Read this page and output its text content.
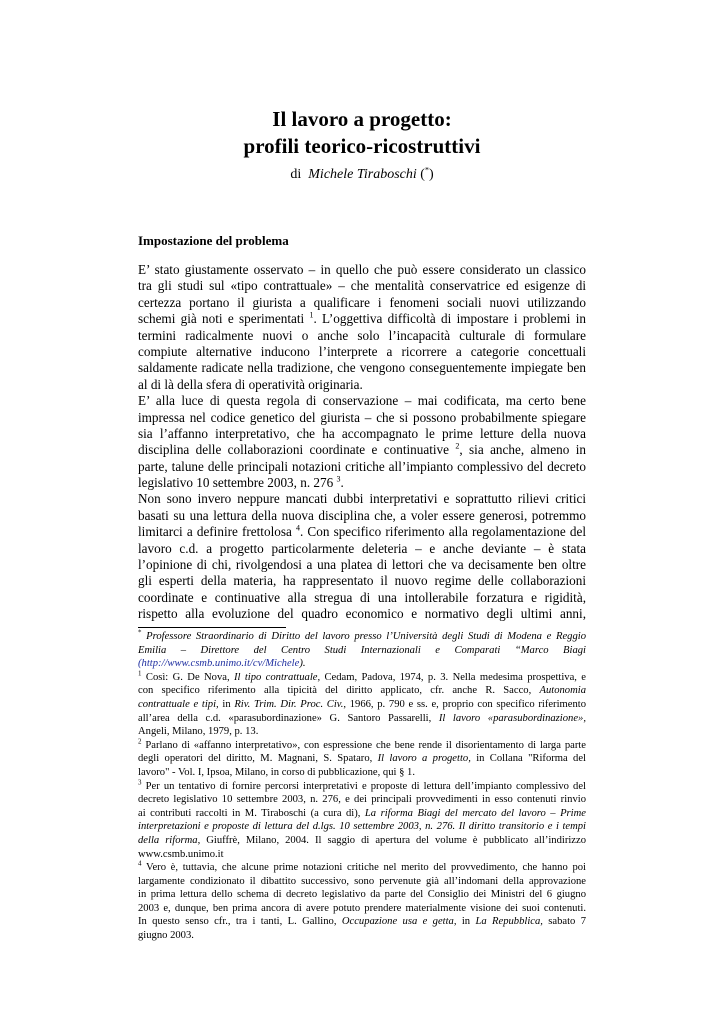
Il lavoro a progetto:
profili teorico-ricostruttivi
di Michele Tiraboschi (*)
Impostazione del problema
E’ stato giustamente osservato – in quello che può essere considerato un classico
tra gli studi sul «tipo contrattuale» – che mentalità conservatrice ed esigenze di
certezza portano il giurista a qualificare i fenomeni sociali nuovi utilizzando
schemi già noti e sperimentati $^1$. L’oggettiva difficoltà di impostare i problemi in
termini radicalmente nuovi o anche solo l’incapacità culturale di formulare
compiute alternative inducono l’interprete a ricorrere a categorie concettuali
saldamente radicate nella tradizione, che vengono conseguentemente impiegate ben
al di là della sfera di operatività originaria.
E’ alla luce di questa regola di conservazione – mai codificata, ma certo bene
impressa nel codice genetico del giurista – che si possono probabilmente spiegare
sia l’affanno interpretativo, che ha accompagnato le prime letture della nuova
disciplina delle collaborazioni coordinate e continuative $^2$, sia anche, almeno in
parte, talune delle principali notazioni critiche all’impianto complessivo del decreto
legislativo 10 settembre 2003, n. 276 $^3$.
Non sono invero neppure mancati dubbi interpretativi e soprattutto rilievi critici
basati su una lettura della nuova disciplina che, a voler essere generosi, potremmo
limitarci a definire frettolosa $^4$. Con specifico riferimento alla regolamentazione del
lavoro c.d. a progetto particolarmente deleteria – e anche deviante – è stata
l’opinione di chi, rivolgendosi a una platea di lettori che va decisamente ben oltre
gli esperti della materia, ha rappresentato il nuovo regime delle collaborazioni
coordinate e continuative alla stregua di una intollerabile forzatura e rigidità,
rispetto alla evoluzione del quadro economico e normativo degli ultimi anni,
* Professore Straordinario di Diritto del lavoro presso l’Università degli Studi di Modena e Reggio
Emilia – Direttore del Centro Studi Internazionali e Comparati “Marco Biagi
(http://www.csmb.unimo.it/cv/Michele).
$^1$ Così: G. De Nova, Il tipo contrattuale, Cedam, Padova, 1974, p. 3. Nella medesima prospettiva, e
con specifico riferimento alla tipicità del diritto applicato, cfr. anche R. Sacco, Autonomia
contrattuale e tipi, in Riv. Trim. Dir. Proc. Civ., 1966, p. 790 e ss. e, proprio con specifico riferimento
all’area della c.d. «parasubordinazione» G. Santoro Passarelli, Il lavoro «parasubordinazione»,
Angeli, Milano, 1979, p. 13.
$^2$ Parlano di «affanno interpretativo», con espressione che bene rende il disorientamento di larga parte
degli operatori del diritto, M. Magnani, S. Spataro, Il lavoro a progetto, in Collana "Riforma del
lavoro" - Vol. I, Ipsoa, Milano, in corso di pubblicazione, qui § 1.
$^3$ Per un tentativo di fornire percorsi interpretativi e proposte di lettura dell’impianto complessivo del
decreto legislativo 10 settembre 2003, n. 276, e dei principali provvedimenti in esso contenuti rinvio
ai contributi raccolti in M. Tiraboschi (a cura di), La riforma Biagi del mercato del lavoro – Prime
interpretazioni e proposte di lettura del d.lgs. 10 settembre 2003, n. 276. Il diritto transitorio e i tempi
della riforma, Giuffrè, Milano, 2004. Il saggio di apertura del volume è pubblicato all’indirizzo
www.csmb.unimo.it
$^4$ Vero è, tuttavia, che alcune prime notazioni critiche nel merito del provvedimento, che hanno poi
largamente condizionato il dibattito successivo, sono pervenute già all’indomani della approvazione
in prima lettura dello schema di decreto legislativo da parte del Consiglio dei Ministri del 6 giugno
2003 e, dunque, ben prima ancora di avere potuto prendere materialmente visione dei suoi contenuti.
In questo senso cfr., tra i tanti, L. Gallino, Occupazione usa e getta, in La Repubblica, sabato 7
giugno 2003.
